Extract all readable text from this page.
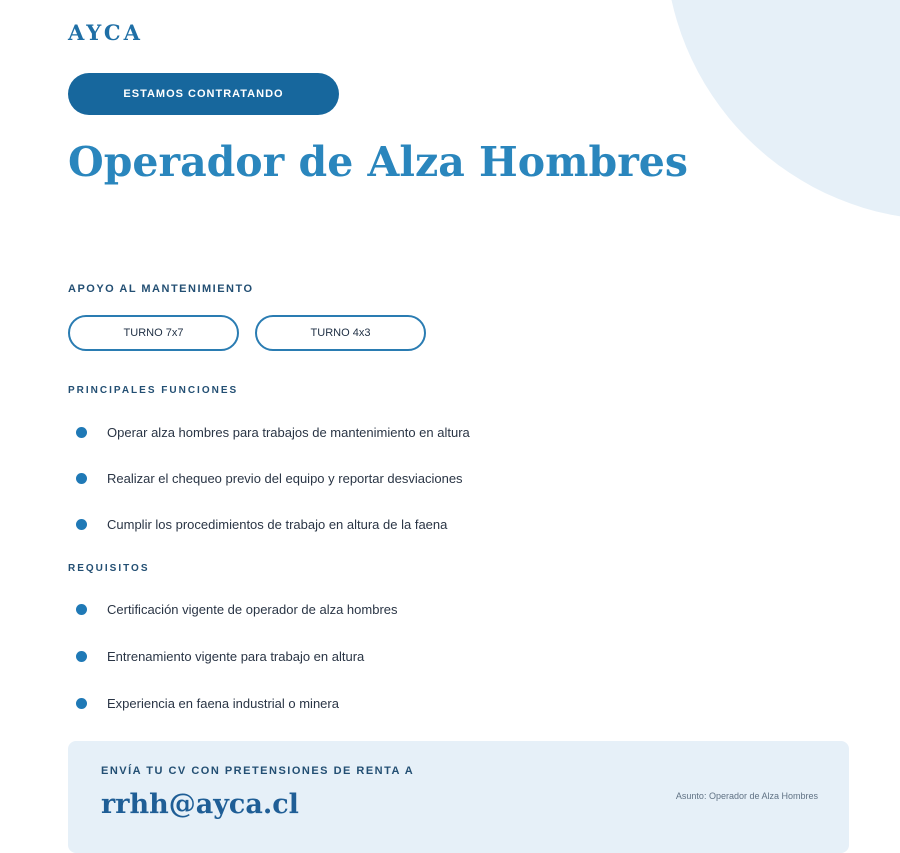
AYCA
ESTAMOS CONTRATANDO
Operador de Alza Hombres
APOYO AL MANTENIMIENTO
TURNO 7x7	TURNO 4x3
PRINCIPALES FUNCIONES
Operar alza hombres para trabajos de mantenimiento en altura
Realizar el chequeo previo del equipo y reportar desviaciones
Cumplir los procedimientos de trabajo en altura de la faena
REQUISITOS
Certificación vigente de operador de alza hombres
Entrenamiento vigente para trabajo en altura
Experiencia en faena industrial o minera
ENVÍA TU CV CON PRETENSIONES DE RENTA A
rrhh@ayca.cl	Asunto: Operador de Alza Hombres
